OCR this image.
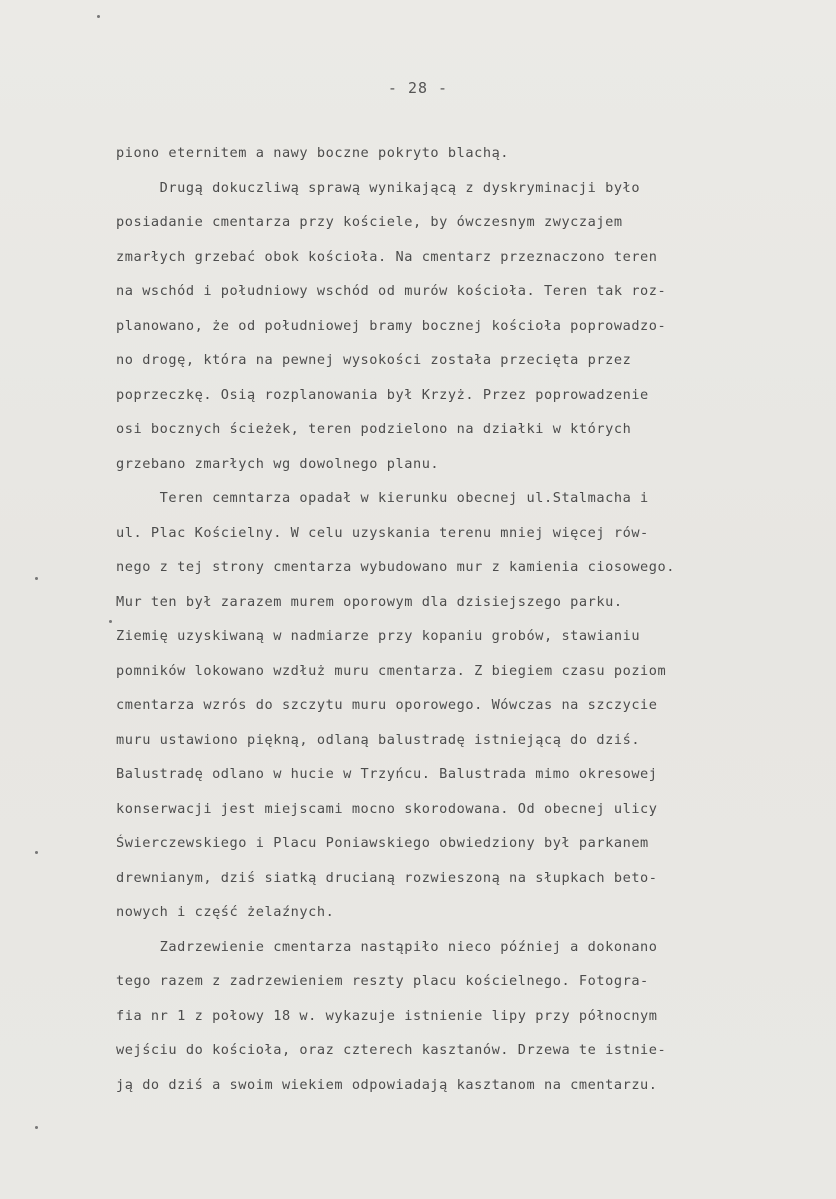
- 28 -
piono eternitem a nawy boczne pokryto blachą.
Drugą dokuczliwą sprawą wynikającą z dyskryminacji było
posiadanie cmentarza przy kościele, by ówczesnym zwyczajem
zmarłych grzebać obok kościoła. Na cmentarz przeznaczono teren
na wschód i południowy wschód od murów kościoła. Teren tak roz-
planowano, że od południowej bramy bocznej kościoła poprowadzo-
no drogę, która na pewnej wysokości została przecięta przez
poprzeczkę. Osią rozplanowania był Krzyż. Przez poprowadzenie
osi bocznych ścieżek, teren podzielono na działki w których
grzebano zmarłych wg dowolnego planu.
Teren cemntarza opadał w kierunku obecnej ul.Stalmacha i
ul. Plac Kościelny. W celu uzyskania terenu mniej więcej rów-
nego z tej strony cmentarza wybudowano mur z kamienia ciosowego.
Mur ten był zarazem murem oporowym dla dzisiejszego parku.
Ziemię uzyskiwaną w nadmiarze przy kopaniu grobów, stawianiu
pomników lokowano wzdłuż muru cmentarza. Z biegiem czasu poziom
cmentarza wzrós do szczytu muru oporowego. Wówczas na szczycie
muru ustawiono piękną, odlaną balustradę istniejącą do dziś.
Balustradę odlano w hucie w Trzyńcu. Balustrada mimo okresowej
konserwacji jest miejscami mocno skorodowana. Od obecnej ulicy
Świerczewskiego i Placu Poniawskiego obwiedziony był parkanem
drewnianym, dziś siatką drucianą rozwieszoną na słupkach beto-
nowych i część żelaźnych.
Zadrzewienie cmentarza nastąpiło nieco później a dokonano
tego razem z zadrzewieniem reszty placu kościelnego. Fotogra-
fia nr 1 z połowy 18 w. wykazuje istnienie lipy przy północnym
wejściu do kościoła, oraz czterech kasztanów. Drzewa te istnie-
ją do dziś a swoim wiekiem odpowiadają kasztanom na cmentarzu.
